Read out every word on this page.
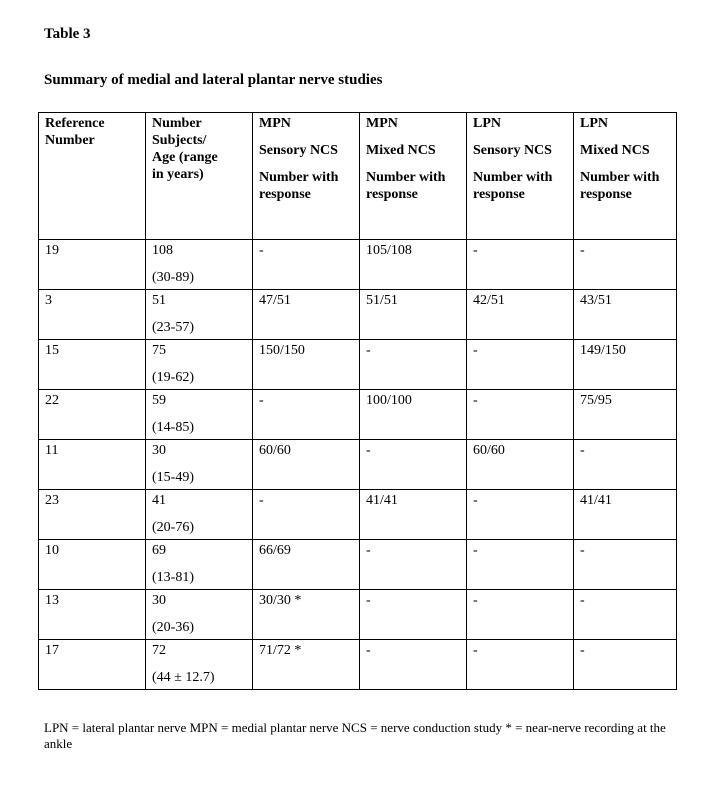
Table 3
Summary of medial and lateral plantar nerve studies
Reference
Number	Number
Subjects/
Age (range
in years)	MPN
Sensory NCS
Number with
response	MPN
Mixed NCS
Number with
response	LPN
Sensory NCS
Number with
response	LPN
Mixed NCS
Number with
response

19	108
(30-89)	-	105/108	-	-
3	51
(23-57)	47/51	51/51	42/51	43/51
15	75
(19-62)	150/150	-	-	149/150
22	59
(14-85)	-	100/100	-	75/95
11	30
(15-49)	60/60	-	60/60	-
23	41
(20-76)	-	41/41	-	41/41
10	69
(13-81)	66/69	-	-	-
13	30
(20-36)	30/30 *	-	-	-
17	72
(44 ± 12.7)	71/72 *	-	-	-
LPN = lateral plantar nerve MPN = medial plantar nerve NCS = nerve conduction study * = near-nerve recording at the ankle
